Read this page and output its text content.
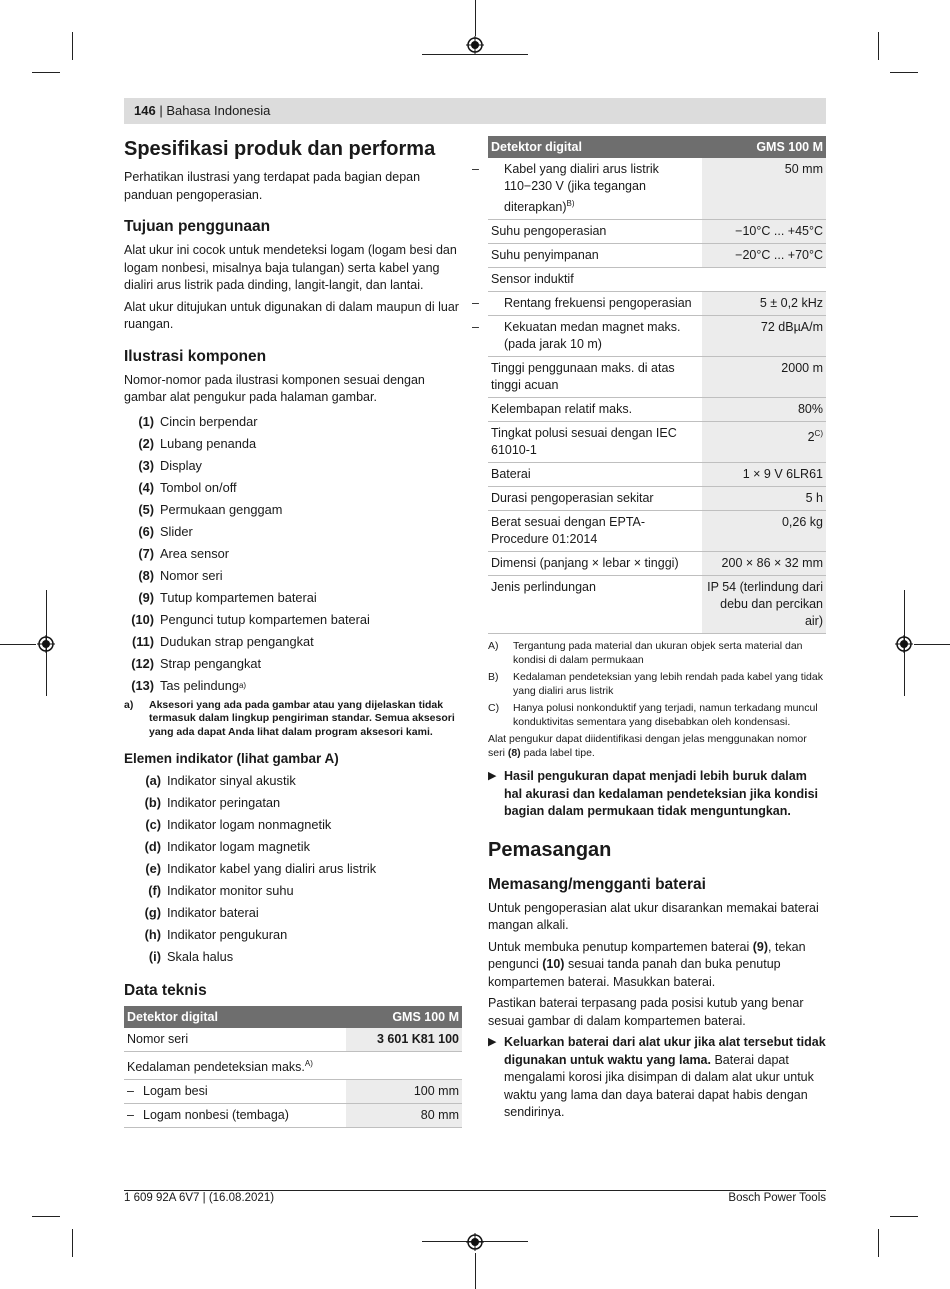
146 | Bahasa Indonesia
Spesifikasi produk dan performa

Perhatikan ilustrasi yang terdapat pada bagian depan panduan pengoperasian.

Tujuan penggunaan

Alat ukur ini cocok untuk mendeteksi logam (logam besi dan logam nonbesi, misalnya baja tulangan) serta kabel yang dialiri arus listrik pada dinding, langit-langit, dan lantai.

Alat ukur ditujukan untuk digunakan di dalam maupun di luar ruangan.

Ilustrasi komponen

Nomor-nomor pada ilustrasi komponen sesuai dengan gambar alat pengukur pada halaman gambar.

(1) Cincin berpendar
(2) Lubang penanda
(3) Display
(4) Tombol on/off
(5) Permukaan genggam
(6) Slider
(7) Area sensor
(8) Nomor seri
(9) Tutup kompartemen baterai
(10) Pengunci tutup kompartemen baterai
(11) Dudukan strap pengangkat
(12) Strap pengangkat
(13) Tas pelindung a)
a)	Aksesori yang ada pada gambar atau yang dijelaskan tidak termasuk dalam lingkup pengiriman standar. Semua aksesori yang ada dapat Anda lihat dalam program aksesori kami.
Elemen indikator (lihat gambar A)
(a) Indikator sinyal akustik
(b) Indikator peringatan
(c) Indikator logam nonmagnetik
(d) Indikator logam magnetik
(e) Indikator kabel yang dialiri arus listrik
(f) Indikator monitor suhu
(g) Indikator baterai
(h) Indikator pengukuran
(i) Skala halus
Data teknis
Detektor digital	GMS 100 M
Nomor seri	3 601 K81 100
Kedalaman pendeteksian maks.$^{A)}$
– Logam besi	100 mm
– Logam nonbesi (tembaga)	80 mm
Detektor digital	GMS 100 M
– Kabel yang dialiri arus listrik 110−230 V (jika tegangan diterapkan)$^{B)}$	50 mm
Suhu pengoperasian	−10°C ... +45°C
Suhu penyimpanan	−20°C ... +70°C
Sensor induktif	
– Rentang frekuensi pengoperasian	5 ± 0,2 kHz
– Kekuatan medan magnet maks. (pada jarak 10 m)	72 dBµA/m
Tinggi penggunaan maks. di atas tinggi acuan	2000 m
Kelembapan relatif maks.	80%
Tingkat polusi sesuai dengan IEC 61010-1	$2^{C)}$
Baterai	1 × 9 V 6LR61
Durasi pengoperasian sekitar	5 h
Berat sesuai dengan EPTA-Procedure 01:2014	0,26 kg
Dimensi (panjang × lebar × tinggi)	200 × 86 × 32 mm
Jenis perlindungan	IP 54 (terlindung dari debu dan percikan air)
A)	Tergantung pada material dan ukuran objek serta material dan kondisi di dalam permukaan
B)	Kedalaman pendeteksian yang lebih rendah pada kabel yang tidak yang dialiri arus listrik
C)	Hanya polusi nonkonduktif yang terjadi, namun terkadang muncul konduktivitas sementara yang disebabkan oleh kondensasi.
Alat pengukur dapat diidentifikasi dengan jelas menggunakan nomor seri (8) pada label tipe.
▶ Hasil pengukuran dapat menjadi lebih buruk dalam hal akurasi dan kedalaman pendeteksian jika kondisi bagian dalam permukaan tidak menguntungkan.
Pemasangan
Memasang/mengganti baterai

Untuk pengoperasian alat ukur disarankan memakai baterai mangan alkali.

Untuk membuka penutup kompartemen baterai (9), tekan pengunci (10) sesuai tanda panah dan buka penutup kompartemen baterai. Masukkan baterai.

Pastikan baterai terpasang pada posisi kutub yang benar sesuai gambar di dalam kompartemen baterai.

▶ Keluarkan baterai dari alat ukur jika alat tersebut tidak digunakan untuk waktu yang lama. Baterai dapat mengalami korosi jika disimpan di dalam alat ukur untuk waktu yang lama dan daya baterai dapat habis dengan sendirinya.
1 609 92A 6V7 | (16.08.2021)	Bosch Power Tools
